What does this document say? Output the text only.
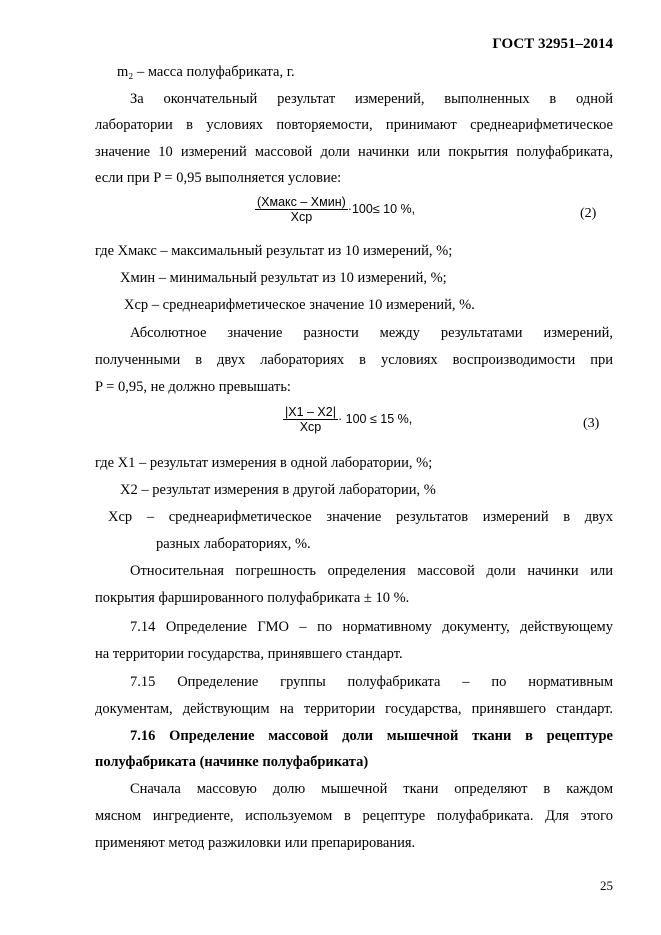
ГОСТ 32951–2014
m₂ – масса полуфабриката, г.
За окончательный результат измерений, выполненных в одной
лаборатории в условиях повторяемости, принимают среднеарифметическое
значение 10 измерений массовой доли начинки или покрытия полуфабриката,
если при P = 0,95 выполняется условие:
$\frac{\text{(Xмакс – Xмин)}}{\text{Xср}} \cdot 100\le 10$ %,	(2)
где Xмакс – максимальный результат из 10 измерений, %;
Xмин – минимальный результат из 10 измерений, %;
Xср – среднеарифметическое значение 10 измерений, %.
Абсолютное значение разности между результатами измерений,
полученными в двух лабораториях в условиях воспроизводимости при
P = 0,95, не должно превышать:
$\frac{|X1 - X2|}{\text{Xср}} \cdot 100 \le 15$ %,	(3)
где X1 – результат измерения в одной лаборатории, %;
X2 – результат измерения в другой лаборатории, %
Xср – среднеарифметическое значение результатов измерений в двух
разных лабораториях, %.
Относительная погрешность определения массовой доли начинки или
покрытия фаршированного полуфабриката ± 10 %.
7.14 Определение ГМО – по нормативному документу, действующему
на территории государства, принявшего стандарт.
7.15 Определение группы полуфабриката – по нормативным
документам, действующим на территории государства, принявшего стандарт.
7.16 Определение массовой доли мышечной ткани в рецептуре
полуфабриката (начинке полуфабриката)
Сначала массовую долю мышечной ткани определяют в каждом
мясном ингредиенте, используемом в рецептуре полуфабриката. Для этого
применяют метод разжиловки или препарирования.
25
